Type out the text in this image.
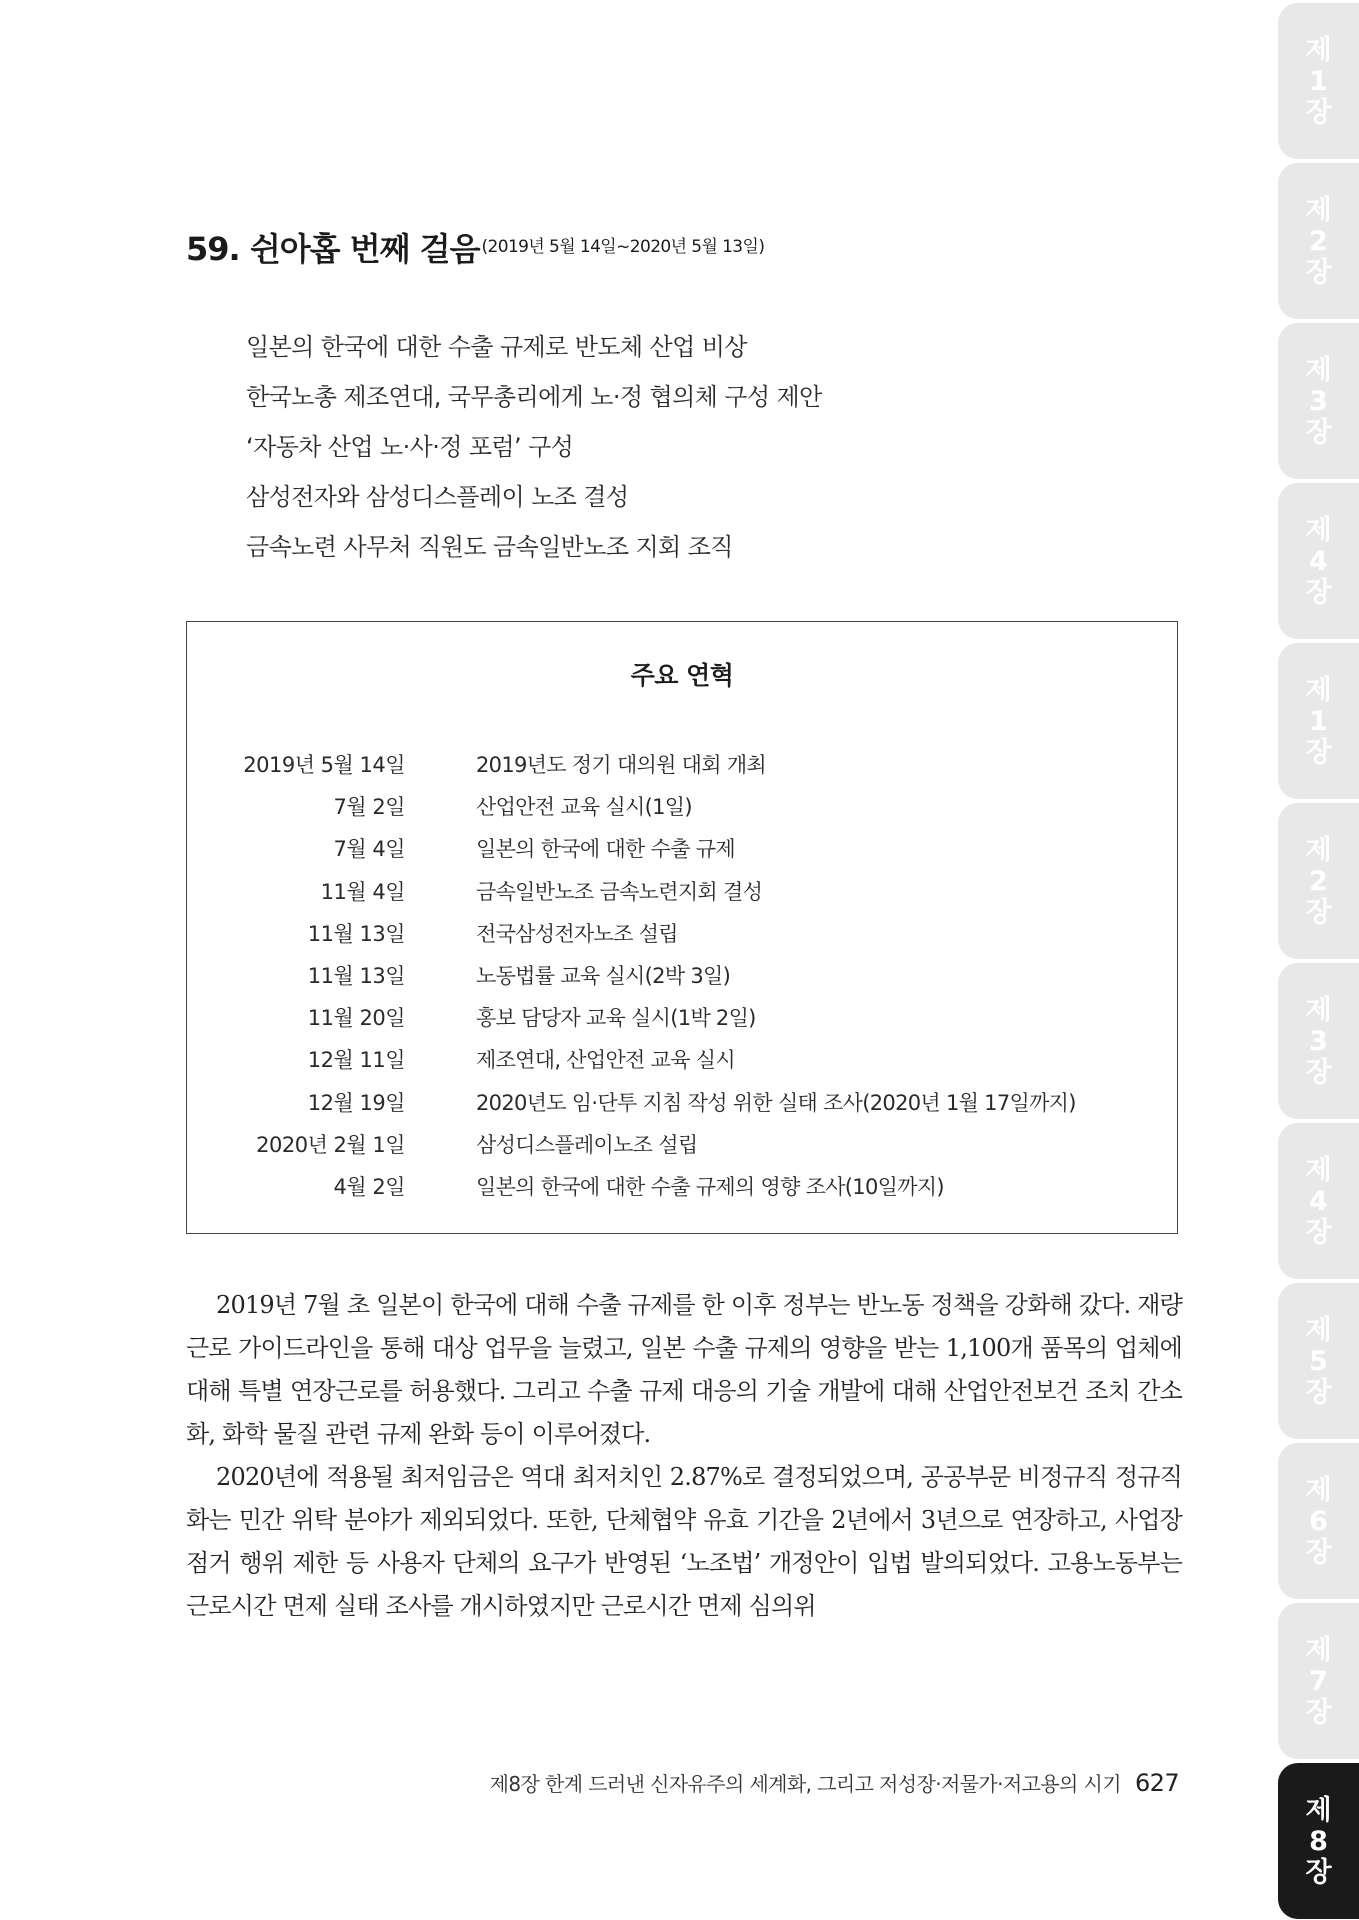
제
1
장
제
2
장
제
3
장
제
4
장
제
1
장
제
2
장
제
3
장
제
4
장
제
5
장
제
6
장
제
7
장
제
8
장
59. 쉰아홉 번째 걸음 $^{(2019년 5월 14일\sim 2020년 5월 13일)}$
일본의 한국에 대한 수출 규제로 반도체 산업 비상
한국노총 제조연대, 국무총리에게 노·정 협의체 구성 제안
‘자동차 산업 노·사·정 포럼’ 구성
삼성전자와 삼성디스플레이 노조 결성
금속노련 사무처 직원도 금속일반노조 지회 조직
주요 연혁
2019년 5월 14일	2019년도 정기 대의원 대회 개최
7월 2일	산업안전 교육 실시(1일)
7월 4일	일본의 한국에 대한 수출 규제
11월 4일	금속일반노조 금속노련지회 결성
11월 13일	전국삼성전자노조 설립
11월 13일	노동법률 교육 실시(2박 3일)
11월 20일	홍보 담당자 교육 실시(1박 2일)
12월 11일	제조연대, 산업안전 교육 실시
12월 19일	2020년도 임·단투 지침 작성 위한 실태 조사(2020년 1월 17일까지)
2020년 2월 1일	삼성디스플레이노조 설립
4월 2일	일본의 한국에 대한 수출 규제의 영향 조사(10일까지)

2019년 7월 초 일본이 한국에 대해 수출 규제를 한 이후 정부는 반노동 정책을 강화해 갔다. 재량근로 가이드라인을 통해 대상 업무을 늘렸고, 일본 수출 규제의 영향을 받는 1,100개 품목의 업체에 대해 특별 연장근로를 허용했다. 그리고 수출 규제 대응의 기술 개발에 대해 산업안전보건 조치 간소화, 화학 물질 관련 규제 완화 등이 이루어졌다.

2020년에 적용될 최저임금은 역대 최저치인 2.87%로 결정되었으며, 공공부문 비정규직 정규직화는 민간 위탁 분야가 제외되었다. 또한, 단체협약 유효 기간을 2년에서 3년으로 연장하고, 사업장 점거 행위 제한 등 사용자 단체의 요구가 반영된 ‘노조법’ 개정안이 입법 발의되었다. 고용노동부는 근로시간 면제 실태 조사를 개시하였지만 근로시간 면제 심의위

제8장 한계 드러낸 신자유주의 세계화, 그리고 저성장·저물가·저고용의 시기 627
